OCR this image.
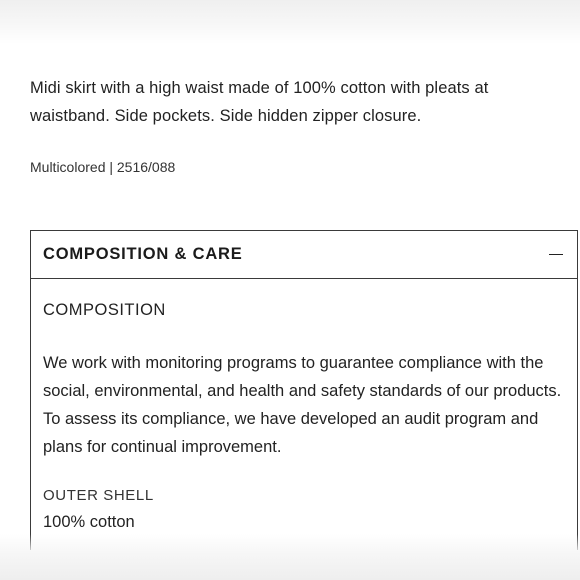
Midi skirt with a high waist made of 100% cotton with pleats at waistband. Side pockets. Side hidden zipper closure.

Multicolored | 2516/088
COMPOSITION & CARE
COMPOSITION

We work with monitoring programs to guarantee compliance with the social, environmental, and health and safety standards of our products. To assess its compliance, we have developed an audit program and plans for continual improvement.

OUTER SHELL
100% cotton
